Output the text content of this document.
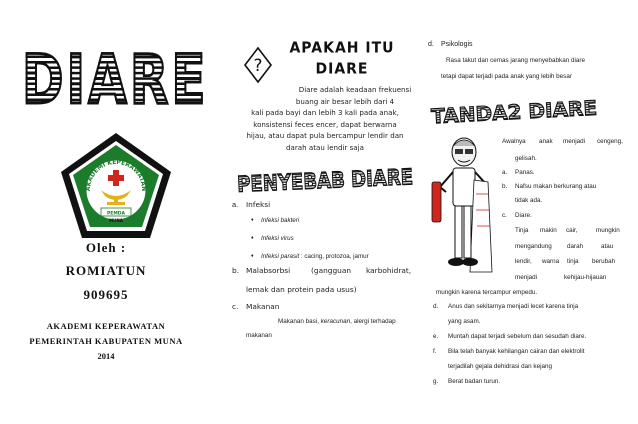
D I A R E
AKADEMI KEPERAWATAN
PEMDA
MUNA
Oleh :
ROMIATUN
909695
AKADEMI KEPERAWATAN
PEMERINTAH KABUPATEN MUNA
2014
?
APAKAH ITU
DIARE
Diare adalah keadaan frekuensi
buang air besar lebih dari 4
kali pada bayi dan lebih 3 kali pada anak,
konsistensi feces encer, dapat berwarna
hijau, atau dapat pula bercampur lendir dan
darah atau lendir saja
PENYEBAB DIARE
a. Infeksi
♦ Infeksi bakteri
♦ Infeksi virus
♦ Infeksi parasit : cacing, protozoa, jamur
b. Malabsorbsi	(gangguan karbohidrat,
lemak dan protein pada usus)
c. Makanan
Makanan basi, keracunan, alergi terhadap
makanan
d. Psikologis
Rasa takut dan cemas jarang menyebabkan diare
tetapi dapat terjadi pada anak yang lebih besar
TANDA2 DIARE
Awalnya anak menjadi cengeng,
gelisah.
a. Panas.
b. Nafsu makan berkurang atau
tidak ada.
c. Diare.
Tinja makin cair,	mungkin
mengandung darah	atau
lendir, warna tinja berubah
menjadi	kehijau-hijauan
mungkin karena tercampur empedu.
d. Anus dan sekitarnya menjadi lecet karena tinja
yang asam.
e. Muntah dapat terjadi sebelum dan sesudah diare.
f. Bila telah banyak kehilangan cairan dan elektrolit
terjadilah gejala dehidrasi dan kejang
g. Berat badan turun.
